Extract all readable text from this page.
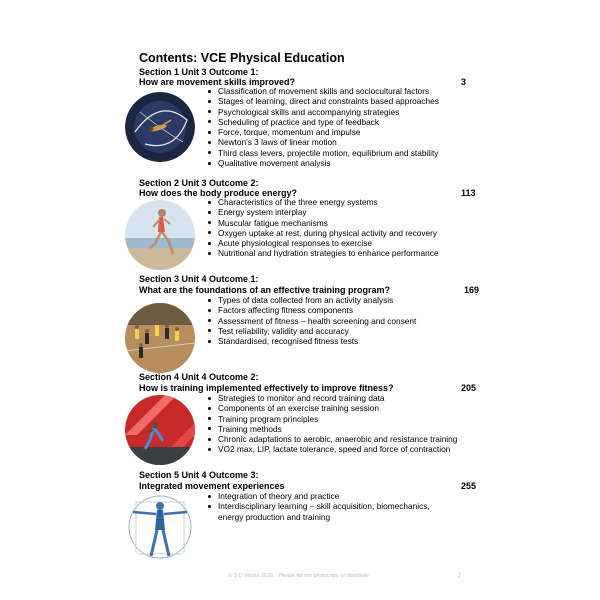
Contents: VCE Physical Education
Section 1 Unit 3 Outcome 1:
How are movement skills improved?	3
Classification of movement skills and sociocultural factors
Stages of learning, direct and constraints based approaches
Psychological skills and accompanying strategies
Scheduling of practice and type of feedback
Force, torque, momentum and impulse
Newton's 3 laws of linear motion
Third class levers, projectile motion, equilibrium and stability
Qualitative movement analysis
Section 2 Unit 3 Outcome 2:
How does the body produce energy?	113
Characteristics of the three energy systems
Energy system interplay
Muscular fatigue mechanisms
Oxygen uptake at rest, during physical activity and recovery
Acute physiological responses to exercise
Nutritional and hydration strategies to enhance performance
Section 3 Unit 4 Outcome 1:
What are the foundations of an effective training program?	169
Types of data collected from an activity analysis
Factors affecting fitness components
Assessment of fitness – health screening and consent
Test reliability, validity and accuracy
Standardised, recognised fitness tests
Section 4 Unit 4 Outcome 2:
How is training implemented effectively to improve fitness?	205
Strategies to monitor and record training data
Components of an exercise training session
Training program principles
Training methods
Chronic adaptations to aerobic, anaerobic and resistance training
VO2 max, LIP, lactate tolerance, speed and force of contraction
Section 5 Unit 4 Outcome 3:
Integrated movement experiences	255
Integration of theory and practice
Interdisciplinary learning – skill acquisition, biomechanics,
energy production and training
© S D Martin 2026 - Please do not photocopy or distribute	2
